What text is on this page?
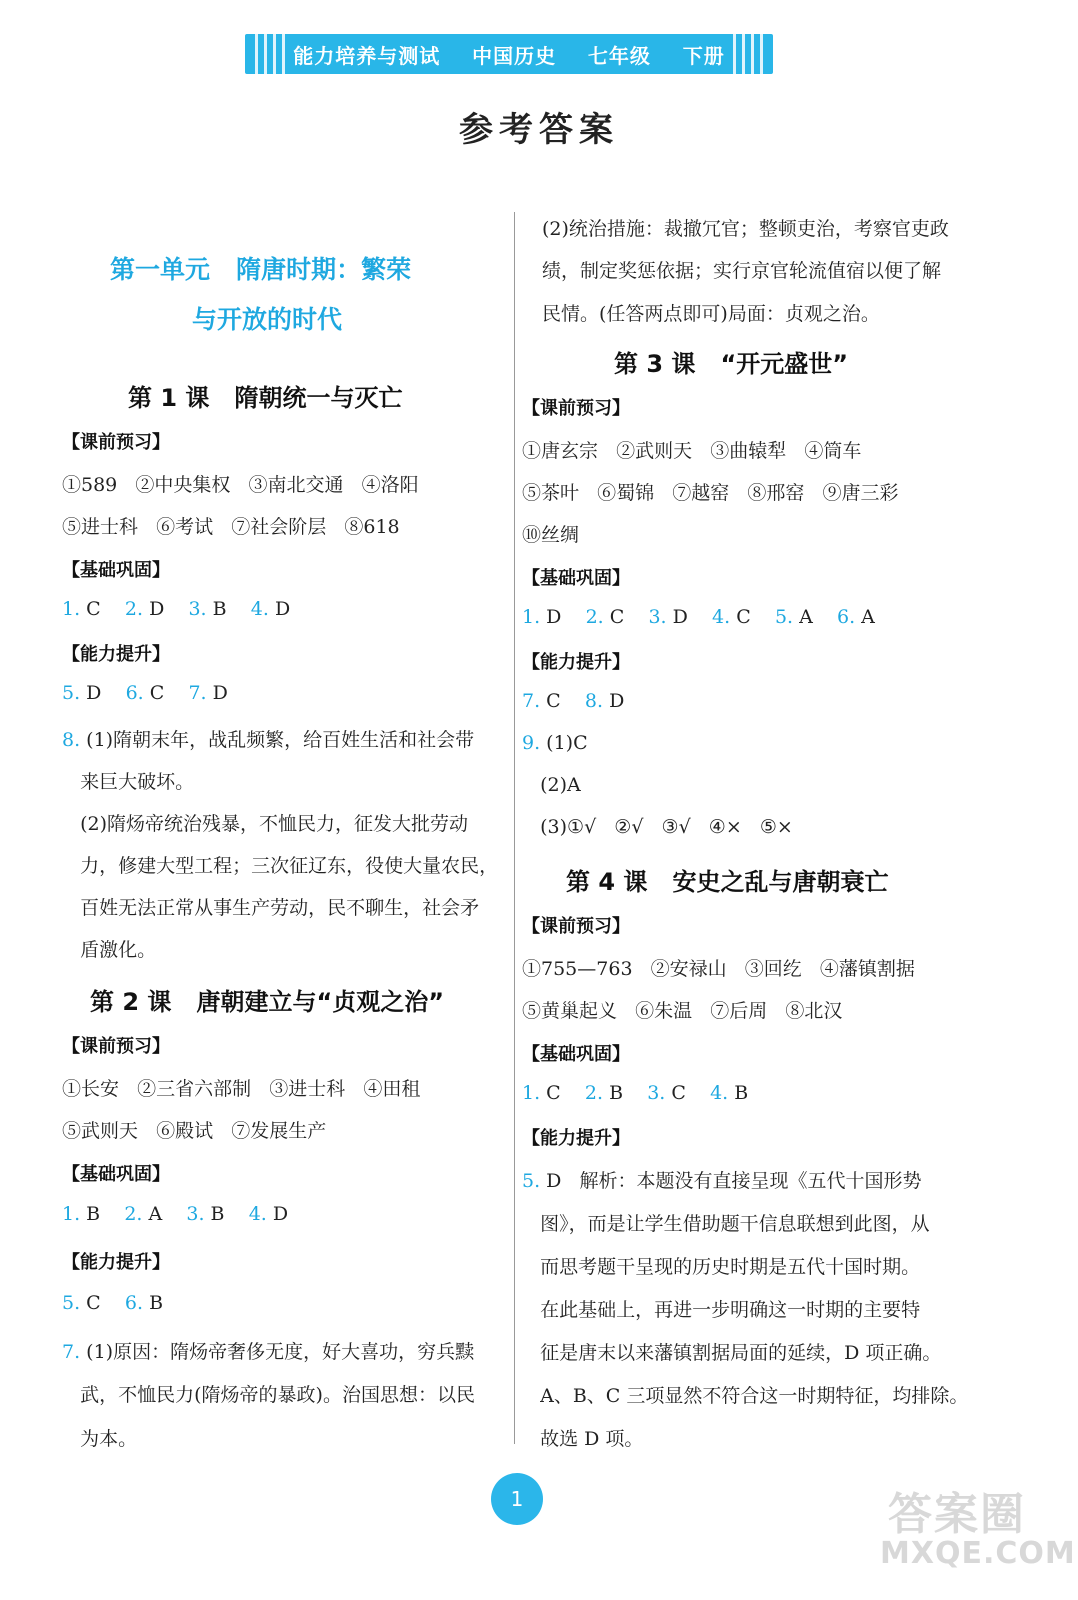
能力培养与测试    中国历史    七年级    下册
参考答案
第一单元   隋唐时期：繁荣
与开放的时代
第 1 课   隋朝统一与灭亡
【课前预习】
①589   ②中央集权   ③南北交通   ④洛阳
⑤进士科   ⑥考试   ⑦社会阶层   ⑧618
【基础巩固】
1. C    2. D    3. B    4. D
【能力提升】
5. D    6. C    7. D
8. (1)隋朝末年，战乱频繁，给百姓生活和社会带
来巨大破坏。
(2)隋炀帝统治残暴，不恤民力，征发大批劳动
力，修建大型工程；三次征辽东，役使大量农民，
百姓无法正常从事生产劳动，民不聊生，社会矛
盾激化。
第 2 课   唐朝建立与“贞观之治”
【课前预习】
①长安   ②三省六部制   ③进士科   ④田租
⑤武则天   ⑥殿试   ⑦发展生产
【基础巩固】
1. B    2. A    3. B    4. D
【能力提升】
5. C    6. B
7. (1)原因：隋炀帝奢侈无度，好大喜功，穷兵黩
武，不恤民力(隋炀帝的暴政)。治国思想：以民
为本。
(2)统治措施：裁撤冗官；整顿吏治，考察官吏政
绩，制定奖惩依据；实行京官轮流值宿以便了解
民情。(任答两点即可)局面：贞观之治。
第 3 课   “开元盛世”
【课前预习】
①唐玄宗   ②武则天   ③曲辕犁   ④筒车
⑤茶叶   ⑥蜀锦   ⑦越窑   ⑧邢窑   ⑨唐三彩
⑩丝绸
【基础巩固】
1. D    2. C    3. D    4. C    5. A    6. A
【能力提升】
7. C    8. D
9. (1)C
(2)A
(3)①√   ②√   ③√   ④×   ⑤×
第 4 课   安史之乱与唐朝衰亡
【课前预习】
①755—763   ②安禄山   ③回纥   ④藩镇割据
⑤黄巢起义   ⑥朱温   ⑦后周   ⑧北汉
【基础巩固】
1. C    2. B    3. C    4. B
【能力提升】
5. D   解析：本题没有直接呈现《五代十国形势
图》，而是让学生借助题干信息联想到此图，从
而思考题干呈现的历史时期是五代十国时期。
在此基础上，再进一步明确这一时期的主要特
征是唐末以来藩镇割据局面的延续，D 项正确。
A、B、C 三项显然不符合这一时期特征，均排除。
故选 D 项。
1	答案圈
MXQE.COM
